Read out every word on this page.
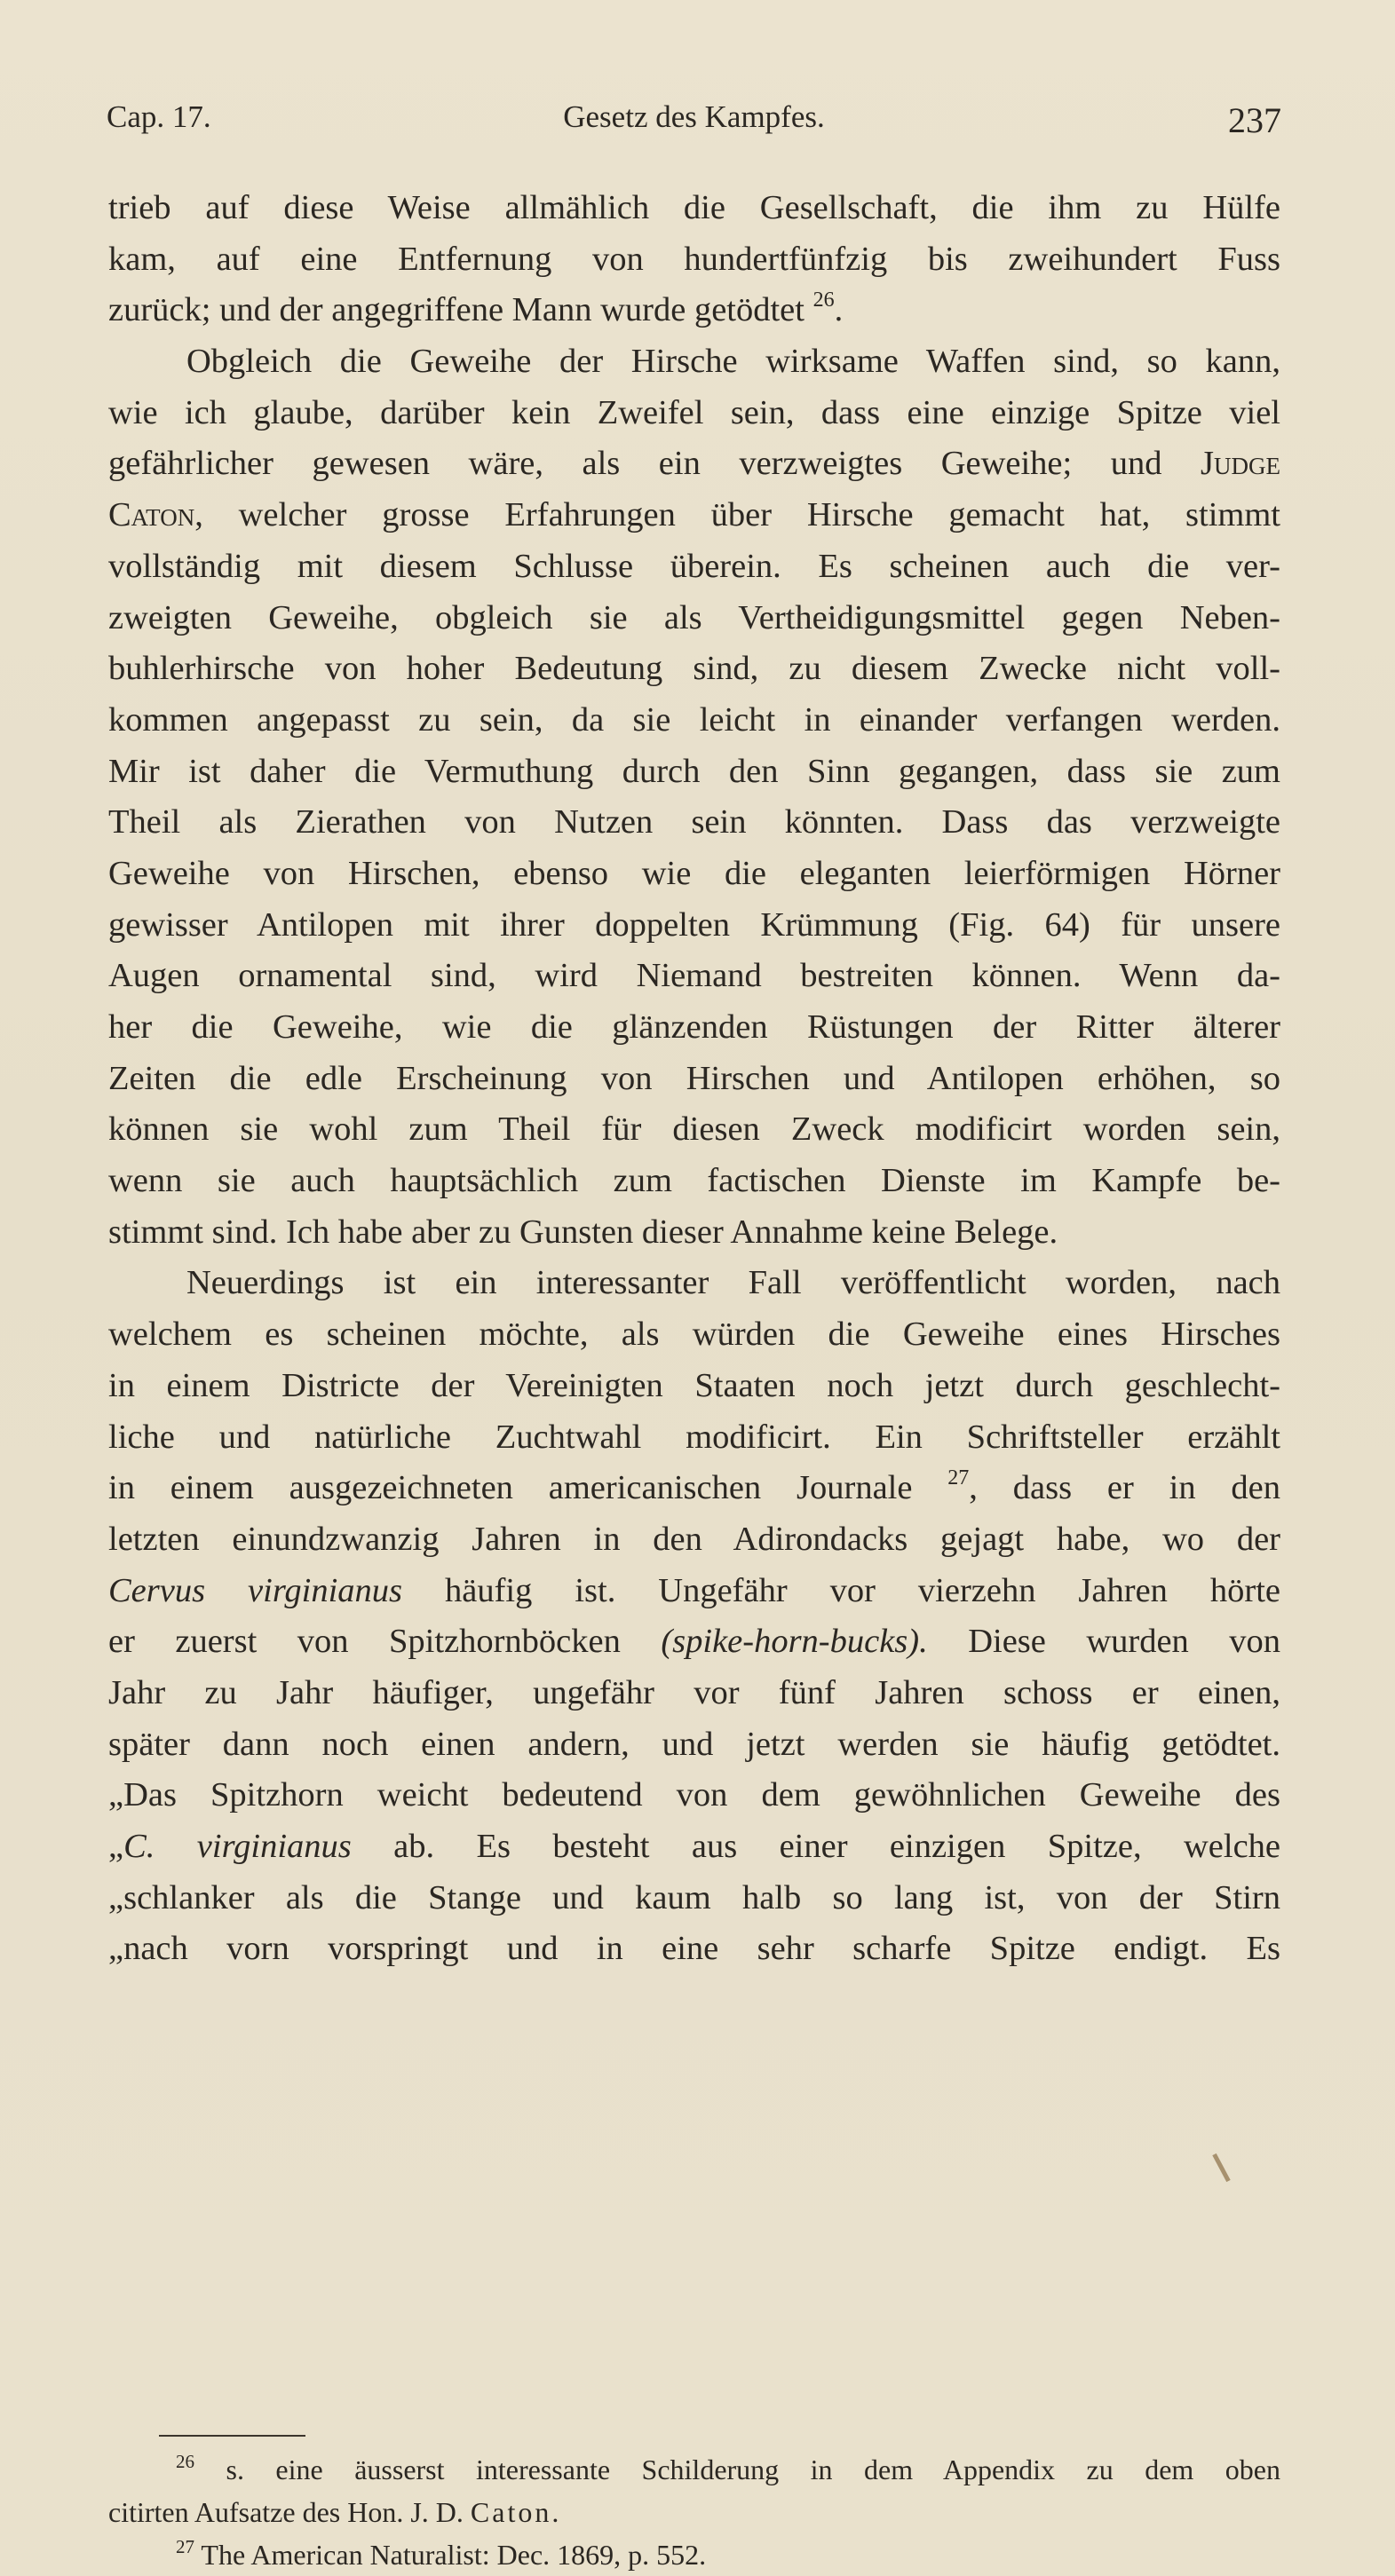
Cap. 17.	Gesetz des Kampfes.	237
trieb auf diese Weise allmählich die Gesellschaft, die ihm zu Hülfe
kam, auf eine Entfernung von hundertfünfzig bis zweihundert Fuss
zurück; und der angegriffene Mann wurde getödtet $^{26}$.
Obgleich die Geweihe der Hirsche wirksame Waffen sind, so kann,
wie ich glaube, darüber kein Zweifel sein, dass eine einzige Spitze viel
gefährlicher gewesen wäre, als ein verzweigtes Geweihe; und Judge
Caton, welcher grosse Erfahrungen über Hirsche gemacht hat, stimmt
vollständig mit diesem Schlusse überein. Es scheinen auch die ver-
zweigten Geweihe, obgleich sie als Vertheidigungsmittel gegen Neben-
buhlerhirsche von hoher Bedeutung sind, zu diesem Zwecke nicht voll-
kommen angepasst zu sein, da sie leicht in einander verfangen werden.
Mir ist daher die Vermuthung durch den Sinn gegangen, dass sie zum
Theil als Zierathen von Nutzen sein könnten. Dass das verzweigte
Geweihe von Hirschen, ebenso wie die eleganten leierförmigen Hörner
gewisser Antilopen mit ihrer doppelten Krümmung (Fig. 64) für unsere
Augen ornamental sind, wird Niemand bestreiten können. Wenn da-
her die Geweihe, wie die glänzenden Rüstungen der Ritter älterer
Zeiten die edle Erscheinung von Hirschen und Antilopen erhöhen, so
können sie wohl zum Theil für diesen Zweck modificirt worden sein,
wenn sie auch hauptsächlich zum factischen Dienste im Kampfe be-
stimmt sind. Ich habe aber zu Gunsten dieser Annahme keine Belege.
Neuerdings ist ein interessanter Fall veröffentlicht worden, nach
welchem es scheinen möchte, als würden die Geweihe eines Hirsches
in einem Districte der Vereinigten Staaten noch jetzt durch geschlecht-
liche und natürliche Zuchtwahl modificirt. Ein Schriftsteller erzählt
in einem ausgezeichneten americanischen Journale $^{27}$, dass er in den
letzten einundzwanzig Jahren in den Adirondacks gejagt habe, wo der
Cervus virginianus häufig ist. Ungefähr vor vierzehn Jahren hörte
er zuerst von Spitzhornböcken (spike-horn-bucks). Diese wurden von
Jahr zu Jahr häufiger, ungefähr vor fünf Jahren schoss er einen,
später dann noch einen andern, und jetzt werden sie häufig getödtet.
„Das Spitzhorn weicht bedeutend von dem gewöhnlichen Geweihe des
„C. virginianus ab. Es besteht aus einer einzigen Spitze, welche
„schlanker als die Stange und kaum halb so lang ist, von der Stirn
„nach vorn vorspringt und in eine sehr scharfe Spitze endigt. Es
$^{26}$ s. eine äusserst interessante Schilderung in dem Appendix zu dem oben
citirten Aufsatze des Hon. J. D. Caton.
$^{27}$ The American Naturalist: Dec. 1869, p. 552.
